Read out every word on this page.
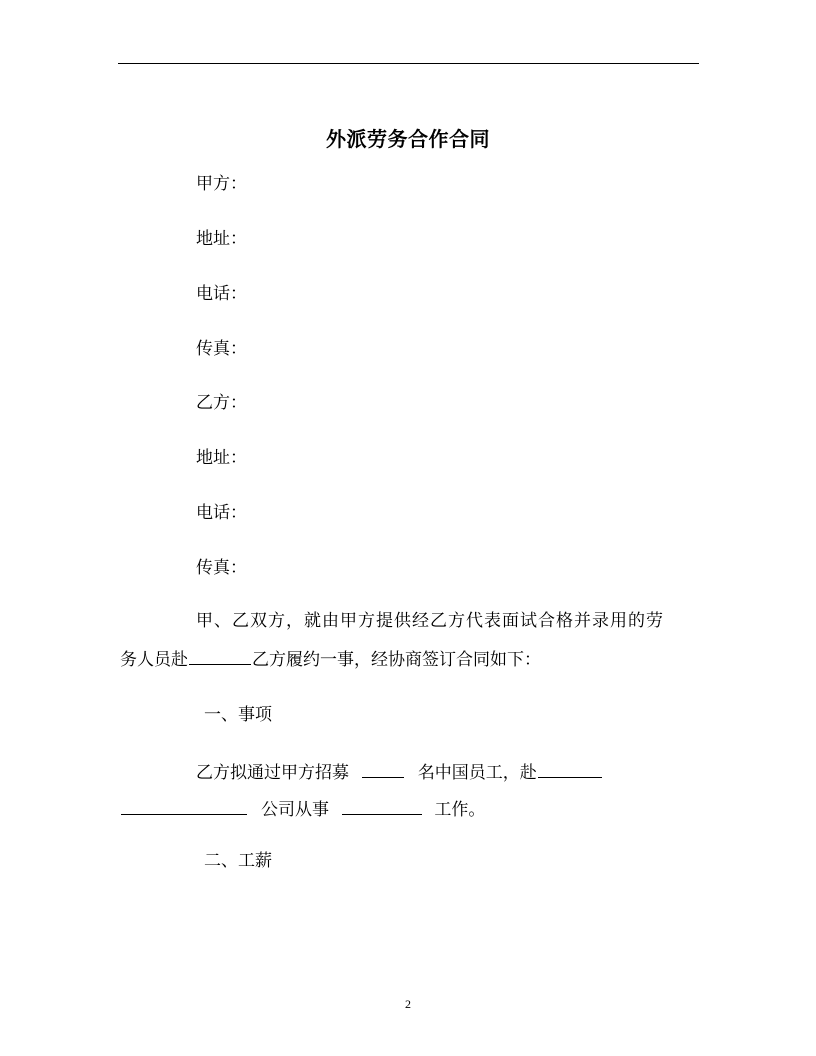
外派劳务合作合同
甲方：
地址：
电话：
传真：
乙方：
地址：
电话：
传真：
甲、乙双方，就由甲方提供经乙方代表面试合格并录用的劳
务人员赴	乙方履约一事，经协商签订合同如下：
一、事项
乙方拟通过甲方招募	名中国员工，赴
公司从事	工作。
二、工薪
2
